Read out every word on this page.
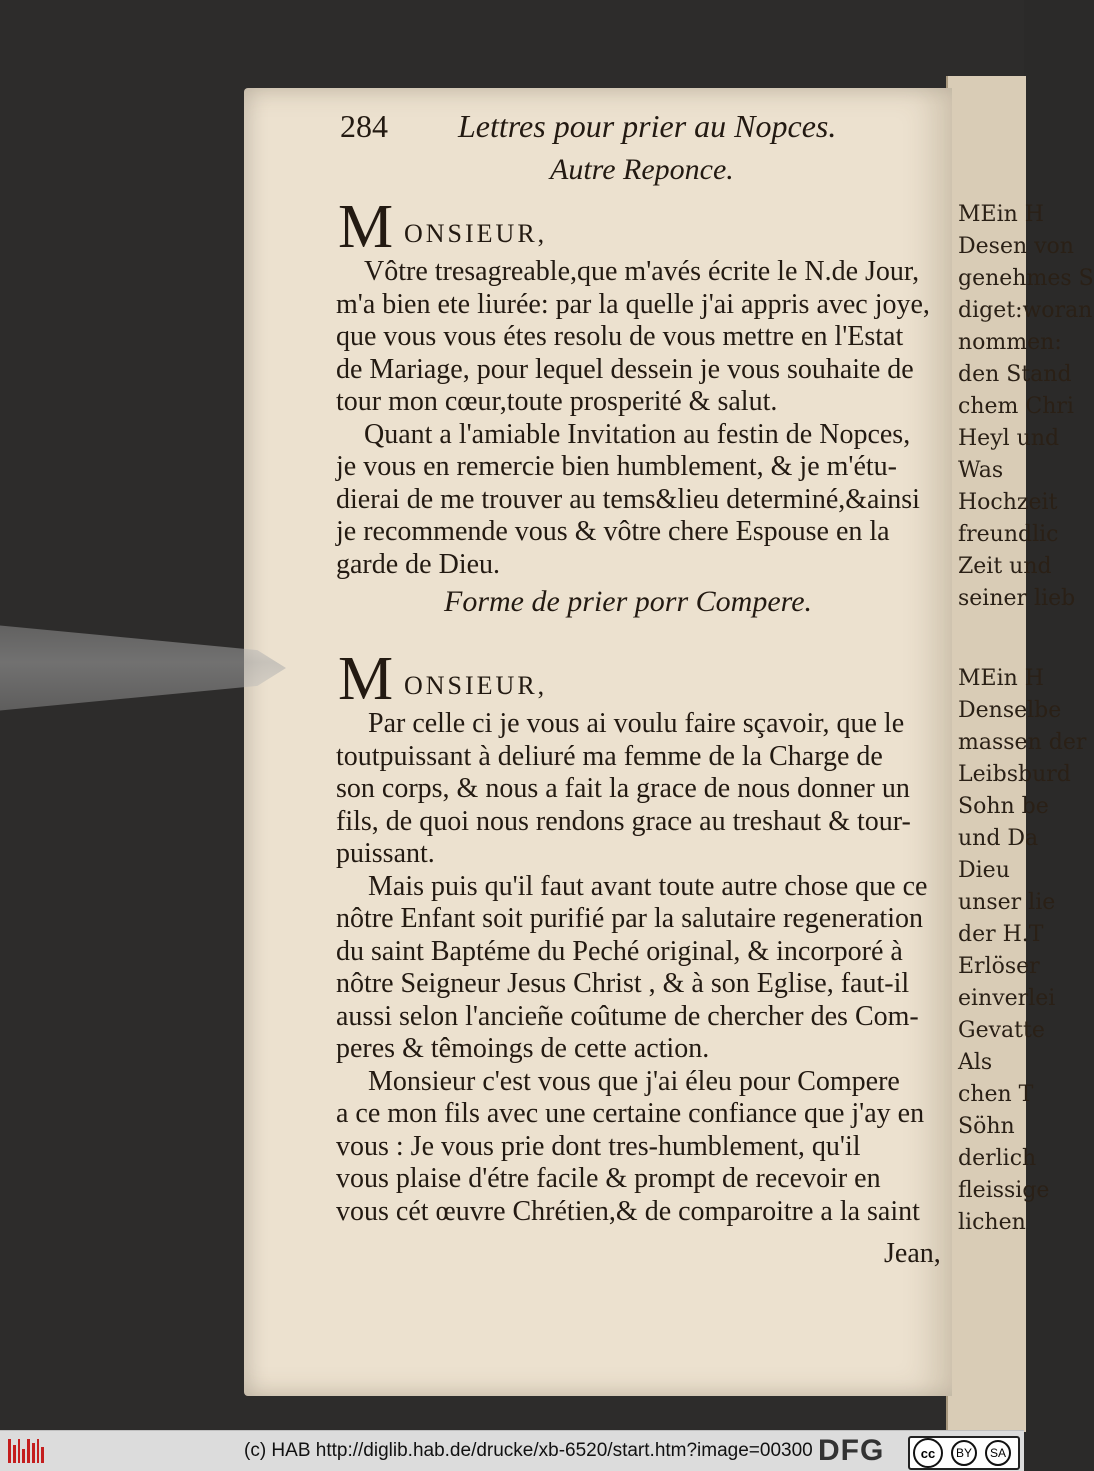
MEin H
Desen von
genehmes S
diget:woran
nommen:
den Stand
chem Chri
Heyl und
Was
Hochzeit
freundlic
Zeit und
seiner lieb
MEin H
Denselbe
massen der
Leibsburd
Sohn be
und Da
Dieu
unser lie
der H.T
Erlöser
einverlei
Gevatte
Als
chen T
Söhn
derlich
fleissige
lichen
284 Lettres pour prier au Nopces.
Autre Reponce.
M ONSIEUR,
Vôtre tresagreable,que m'avés écrite le N.de Jour,
m'a bien ete liurée: par la quelle j'ai appris avec joye,
que vous vous étes resolu de vous mettre en l'Estat
de Mariage, pour lequel dessein je vous souhaite de
tour mon cœur,toute prosperité & salut.
Quant a l'amiable Invitation au festin de Nopces,
je vous en remercie bien humblement, & je m'étu-
dierai de me trouver au tems&lieu determiné,&ainsi
je recommende vous & vôtre chere Espouse en la
garde de Dieu.
Forme de prier porr Compere.
M ONSIEUR,
Par celle ci je vous ai voulu faire sçavoir, que le
toutpuissant à deliuré ma femme de la Charge de
son corps, & nous a fait la grace de nous donner un
fils, de quoi nous rendons grace au treshaut & tour-
puissant.
Mais puis qu'il faut avant toute autre chose que ce
nôtre Enfant soit purifié par la salutaire regeneration
du saint Baptéme du Peché original, & incorporé à
nôtre Seigneur Jesus Christ , & à son Eglise, faut-il
aussi selon l'ancieñe coûtume de chercher des Com-
peres & têmoings de cette action.
Monsieur c'est vous que j'ai éleu pour Compere
a ce mon fils avec une certaine confiance que j'ay en
vous : Je vous prie dont tres-humblement, qu'il
vous plaise d'étre facile & prompt de recevoir en
vous cét œuvre Chrétien,& de comparoitre a la saint
Jean,
(c) HAB http://diglib.hab.de/drucke/xb-6520/start.htm?image=00300 DFG	cc	BY	SA
